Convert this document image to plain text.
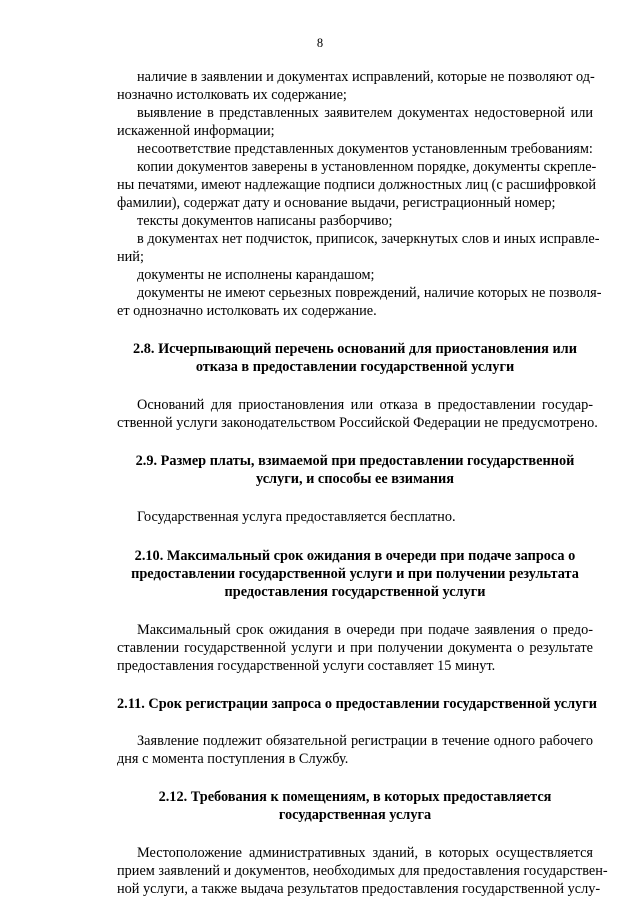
8
наличие в заявлении и документах исправлений, которые не позволяют од-
нозначно истолковать их содержание;
выявление в представленных заявителем документах недостоверной или
искаженной информации;
несоответствие представленных документов установленным требованиям:
копии документов заверены в установленном порядке, документы скрепле-
ны печатями, имеют надлежащие подписи должностных лиц (с расшифровкой
фамилии), содержат дату и основание выдачи, регистрационный номер;
тексты документов написаны разборчиво;
в документах нет подчисток, приписок, зачеркнутых слов и иных исправле-
ний;
документы не исполнены карандашом;
документы не имеют серьезных повреждений, наличие которых не позволя-
ет однозначно истолковать их содержание.
2.8. Исчерпывающий перечень оснований для приостановления или
отказа в предоставлении государственной услуги
Оснований для приостановления или отказа в предоставлении государ-
ственной услуги законодательством Российской Федерации не предусмотрено.
2.9. Размер платы, взимаемой при предоставлении государственной
услуги, и способы ее взимания
Государственная услуга предоставляется бесплатно.
2.10. Максимальный срок ожидания в очереди при подаче запроса о
предоставлении государственной услуги и при получении результата
предоставления государственной услуги
Максимальный срок ожидания в очереди при подаче заявления о предо-
ставлении государственной услуги и при получении документа о результате
предоставления государственной услуги составляет 15 минут.
2.11. Срок регистрации запроса о предоставлении государственной услуги
Заявление подлежит обязательной регистрации в течение одного рабочего
дня с момента поступления в Службу.
2.12. Требования к помещениям, в которых предоставляется
государственная услуга
Местоположение административных зданий, в которых осуществляется
прием заявлений и документов, необходимых для предоставления государствен-
ной услуги, а также выдача результатов предоставления государственной услу-
